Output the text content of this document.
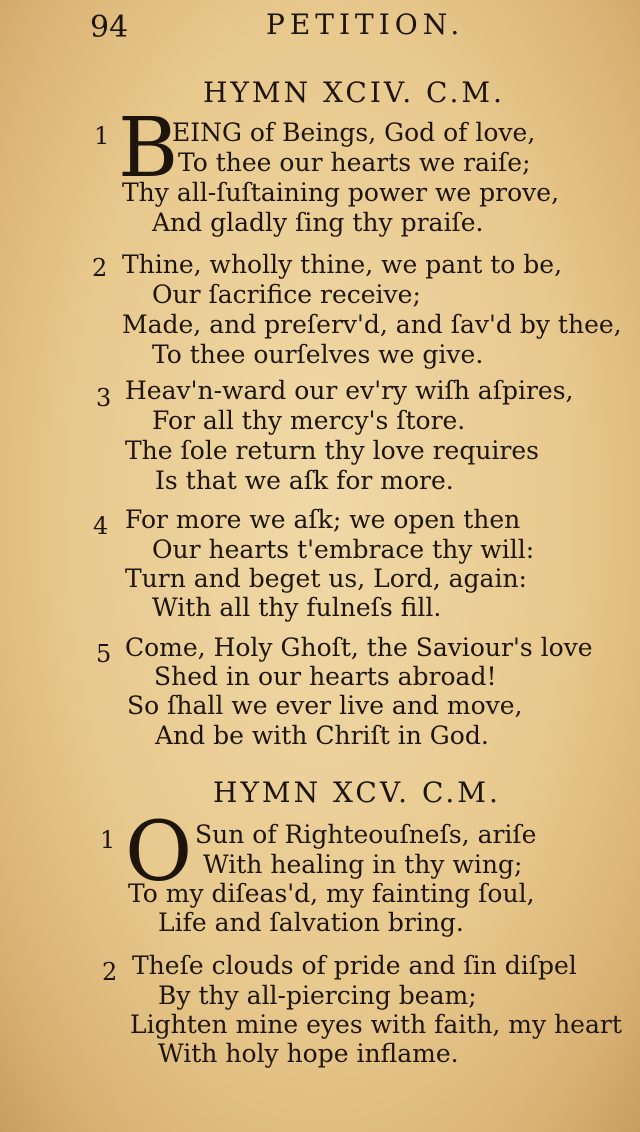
94	PETITION.
HYMN XCIV. C.M.
1 B
EING of Beings, God of love,
To thee our hearts we raiſe;
Thy all-ſuſtaining power we prove,
And gladly ſing thy praiſe.
2 Thine, wholly thine, we pant to be,
Our ſacrifice receive;
Made, and preſerv'd, and ſav'd by thee,
To thee ourſelves we give.
3 Heav'n-ward our ev'ry wiſh aſpires,
For all thy mercy's ſtore.
The ſole return thy love requires
Is that we aſk for more.
4 For more we aſk; we open then
Our hearts t'embrace thy will:
Turn and beget us, Lord, again:
With all thy fulneſs fill.
5 Come, Holy Ghoſt, the Saviour's love
Shed in our hearts abroad!
So ſhall we ever live and move,
And be with Chriſt in God.
HYMN XCV. C.M.
1 O Sun of Righteouſneſs, ariſe
With healing in thy wing;
To my diſeas'd, my fainting ſoul,
Life and ſalvation bring.
2 Theſe clouds of pride and ſin diſpel
By thy all-piercing beam;
Lighten mine eyes with faith, my heart
With holy hope inflame.
